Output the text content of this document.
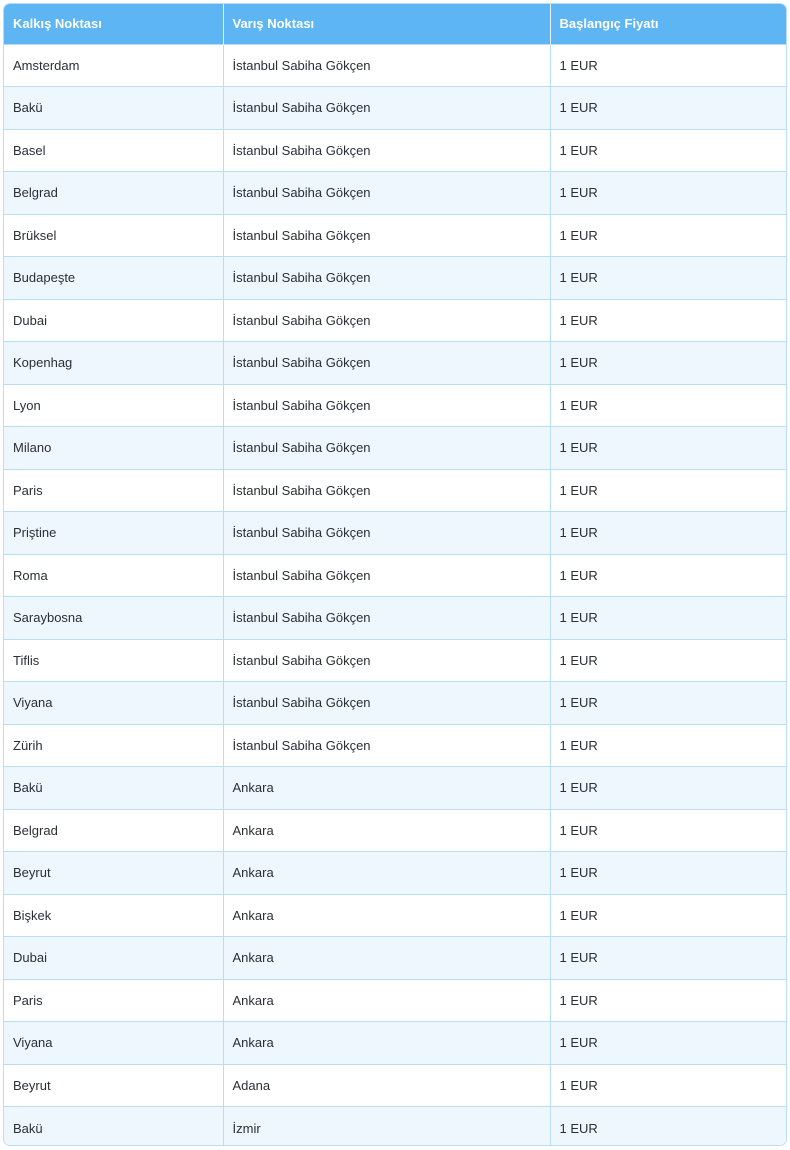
Kalkış Noktası	Varış Noktası	Başlangıç Fiyatı
Amsterdam	İstanbul Sabiha Gökçen	1 EUR
Bakü	İstanbul Sabiha Gökçen	1 EUR
Basel	İstanbul Sabiha Gökçen	1 EUR
Belgrad	İstanbul Sabiha Gökçen	1 EUR
Brüksel	İstanbul Sabiha Gökçen	1 EUR
Budapeşte	İstanbul Sabiha Gökçen	1 EUR
Dubai	İstanbul Sabiha Gökçen	1 EUR
Kopenhag	İstanbul Sabiha Gökçen	1 EUR
Lyon	İstanbul Sabiha Gökçen	1 EUR
Milano	İstanbul Sabiha Gökçen	1 EUR
Paris	İstanbul Sabiha Gökçen	1 EUR
Priştine	İstanbul Sabiha Gökçen	1 EUR
Roma	İstanbul Sabiha Gökçen	1 EUR
Saraybosna	İstanbul Sabiha Gökçen	1 EUR
Tiflis	İstanbul Sabiha Gökçen	1 EUR
Viyana	İstanbul Sabiha Gökçen	1 EUR
Zürih	İstanbul Sabiha Gökçen	1 EUR
Bakü	Ankara	1 EUR
Belgrad	Ankara	1 EUR
Beyrut	Ankara	1 EUR
Bişkek	Ankara	1 EUR
Dubai	Ankara	1 EUR
Paris	Ankara	1 EUR
Viyana	Ankara	1 EUR
Beyrut	Adana	1 EUR
Bakü	İzmir	1 EUR
